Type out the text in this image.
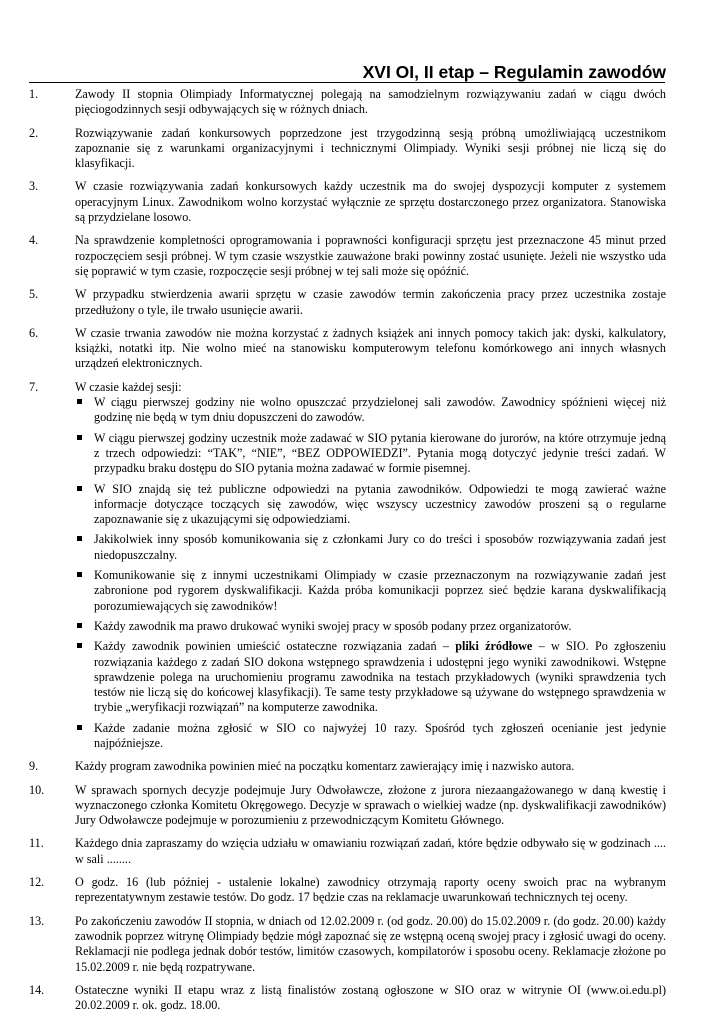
XVI OI, II etap – Regulamin zawodów
1.	Zawody II stopnia Olimpiady Informatycznej polegają na samodzielnym rozwiązywaniu zadań w ciągu dwóch pięciogodzinnych sesji odbywających się w różnych dniach.
2.	Rozwiązywanie zadań konkursowych poprzedzone jest trzygodzinną sesją próbną umożliwiającą uczestnikom zapoznanie się z warunkami organizacyjnymi i technicznymi Olimpiady. Wyniki sesji próbnej nie liczą się do klasyfikacji.
3.	W czasie rozwiązywania zadań konkursowych każdy uczestnik ma do swojej dyspozycji komputer z systemem operacyjnym Linux. Zawodnikom wolno korzystać wyłącznie ze sprzętu dostarczonego przez organizatora. Stanowiska są przydzielane losowo.
4.	Na sprawdzenie kompletności oprogramowania i poprawności konfiguracji sprzętu jest przeznaczone 45 minut przed rozpoczęciem sesji próbnej. W tym czasie wszystkie zauważone braki powinny zostać usunięte. Jeżeli nie wszystko uda się poprawić w tym czasie, rozpoczęcie sesji próbnej w tej sali może się opóźnić.
5.	W przypadku stwierdzenia awarii sprzętu w czasie zawodów termin zakończenia pracy przez uczestnika zostaje przedłużony o tyle, ile trwało usunięcie awarii.
6.	W czasie trwania zawodów nie można korzystać z żadnych książek ani innych pomocy takich jak: dyski, kalkulatory, książki, notatki itp. Nie wolno mieć na stanowisku komputerowym telefonu komórkowego ani innych własnych urządzeń elektronicznych.
7.	W czasie każdej sesji:
W ciągu pierwszej godziny nie wolno opuszczać przydzielonej sali zawodów. Zawodnicy spóźnieni więcej niż godzinę nie będą w tym dniu dopuszczeni do zawodów.
W ciągu pierwszej godziny uczestnik może zadawać w SIO pytania kierowane do jurorów, na które otrzymuje jedną z trzech odpowiedzi: “TAK”, “NIE”, “BEZ ODPOWIEDZI”. Pytania mogą dotyczyć jedynie treści zadań. W przypadku braku dostępu do SIO pytania można zadawać w formie pisemnej.
W SIO znajdą się też publiczne odpowiedzi na pytania zawodników. Odpowiedzi te mogą zawierać ważne informacje dotyczące toczących się zawodów, więc wszyscy uczestnicy zawodów proszeni są o regularne zapoznawanie się z ukazującymi się odpowiedziami.
Jakikolwiek inny sposób komunikowania się z członkami Jury co do treści i sposobów rozwiązywania zadań jest niedopuszczalny.
Komunikowanie się z innymi uczestnikami Olimpiady w czasie przeznaczonym na rozwiązywanie zadań jest zabronione pod rygorem dyskwalifikacji. Każda próba komunikacji poprzez sieć będzie karana dyskwalifikacją porozumiewających się zawodników!
Każdy zawodnik ma prawo drukować wyniki swojej pracy w sposób podany przez organizatorów.
Każdy zawodnik powinien umieścić ostateczne rozwiązania zadań – pliki źródłowe – w SIO. Po zgłoszeniu rozwiązania każdego z zadań SIO dokona wstępnego sprawdzenia i udostępni jego wyniki zawodnikowi. Wstępne sprawdzenie polega na uruchomieniu programu zawodnika na testach przykładowych (wyniki sprawdzenia tych testów nie liczą się do końcowej klasyfikacji). Te same testy przykładowe są używane do wstępnego sprawdzenia w trybie „weryfikacji rozwiązań” na komputerze zawodnika.
Każde zadanie można zgłosić w SIO co najwyżej 10 razy. Spośród tych zgłoszeń ocenianie jest jedynie najpóźniejsze.
9.	Każdy program zawodnika powinien mieć na początku komentarz zawierający imię i nazwisko autora.
10.	W sprawach spornych decyzje podejmuje Jury Odwoławcze, złożone z jurora niezaangażowanego w daną kwestię i wyznaczonego członka Komitetu Okręgowego. Decyzje w sprawach o wielkiej wadze (np. dyskwalifikacji zawodników) Jury Odwoławcze podejmuje w porozumieniu z przewodniczącym Komitetu Głównego.
11.	Każdego dnia zapraszamy do wzięcia udziału w omawianiu rozwiązań zadań, które będzie odbywało się w godzinach .... w sali ........
12.	O godz. 16 (lub później - ustalenie lokalne) zawodnicy otrzymają raporty oceny swoich prac na wybranym reprezentatywnym zestawie testów. Do godz. 17 będzie czas na reklamacje uwarunkowań technicznych tej oceny.
13.	Po zakończeniu zawodów II stopnia, w dniach od 12.02.2009 r. (od godz. 20.00) do 15.02.2009 r. (do godz. 20.00) każdy zawodnik poprzez witrynę Olimpiady będzie mógł zapoznać się ze wstępną oceną swojej pracy i zgłosić uwagi do oceny. Reklamacji nie podlega jednak dobór testów, limitów czasowych, kompilatorów i sposobu oceny. Reklamacje złożone po 15.02.2009 r. nie będą rozpatrywane.
14.	Ostateczne wyniki II etapu wraz z listą finalistów zostaną ogłoszone w SIO oraz w witrynie OI (www.oi.edu.pl) 20.02.2009 r. ok. godz. 18.00.
